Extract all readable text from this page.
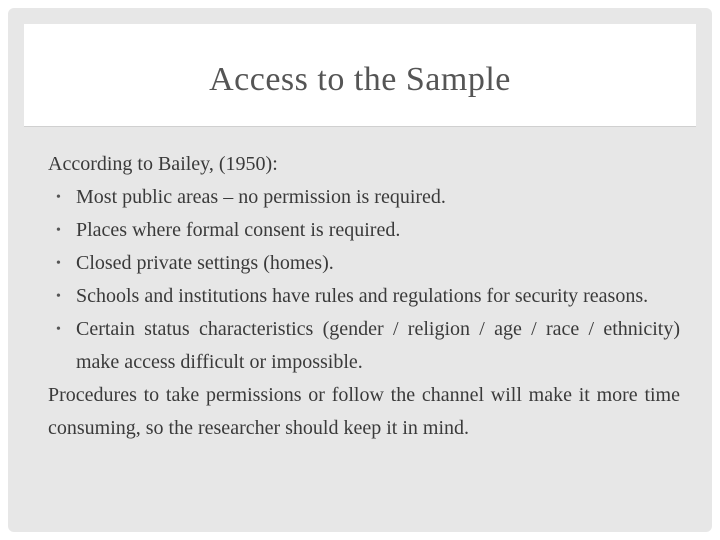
Access to the Sample
According to Bailey, (1950):
• Most public areas – no permission is required.
• Places where formal consent is required.
• Closed private settings (homes).
• Schools and institutions have rules and regulations for security reasons.
• Certain status characteristics (gender / religion / age / race / ethnicity) make access difficult or impossible.
Procedures to take permissions or follow the channel will make it more time consuming, so the researcher should keep it in mind.
